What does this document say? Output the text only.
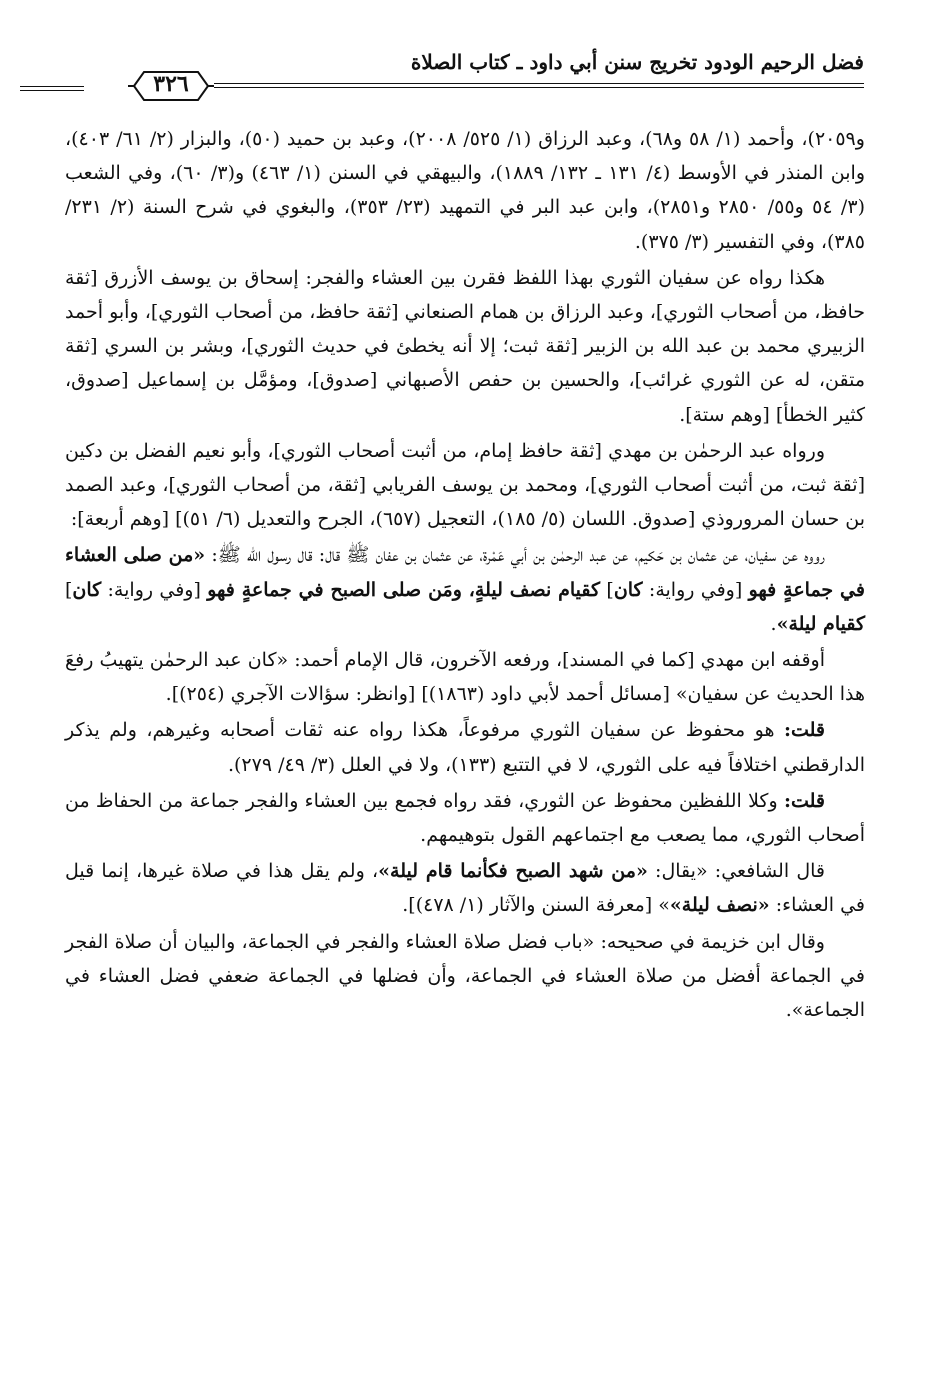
فضل الرحيم الودود تخريج سنن أبي داود ـ كتاب الصلاة
٣٢٦

و٢٠٥٩)، وأحمد (١/ ٥٨ و٦٨)، وعبد الرزاق (١/ ٥٢٥/ ٢٠٠٨)، وعبد بن حميد (٥٠)، والبزار (٢/ ٦١/ ٤٠٣)، وابن المنذر في الأوسط (٤/ ١٣١ ـ ١٣٢/ ١٨٨٩)، والبيهقي في السنن (١/ ٤٦٣) و(٣/ ٦٠)، وفي الشعب (٣/ ٥٤ و٥٥/ ٢٨٥٠ و٢٨٥١)، وابن عبد البر في التمهيد (٢٣/ ٣٥٣)، والبغوي في شرح السنة (٢/ ٢٣١/ ٣٨٥)، وفي التفسير (٣/ ٣٧٥).

هكذا رواه عن سفيان الثوري بهذا اللفظ فقرن بين العشاء والفجر: إسحاق بن يوسف الأزرق [ثقة حافظ، من أصحاب الثوري]، وعبد الرزاق بن همام الصنعاني [ثقة حافظ، من أصحاب الثوري]، وأبو أحمد الزبيري محمد بن عبد الله بن الزبير [ثقة ثبت؛ إلا أنه يخطئ في حديث الثوري]، وبشر بن السري [ثقة متقن، له عن الثوري غرائب]، والحسين بن حفص الأصبهاني [صدوق]، ومؤمَّل بن إسماعيل [صدوق، كثير الخطأ] [وهم ستة].

ورواه عبد الرحمٰن بن مهدي [ثقة حافظ إمام، من أثبت أصحاب الثوري]، وأبو نعيم الفضل بن دكين [ثقة ثبت، من أثبت أصحاب الثوري]، ومحمد بن يوسف الفريابي [ثقة، من أصحاب الثوري]، وعبد الصمد بن حسان المروروذي [صدوق. اللسان (٥/ ١٨٥)، التعجيل (٦٥٧)، الجرح والتعديل (٦/ ٥١)] [وهم أربعة]:

رووه عن سفيان، عن عثمان بن حَكيم، عن عبد الرحمٰن بن أبي عَمْرة، عن عثمان بن عفان ﷺ قال: قال رسول الله ﷺ: «من صلى العشاء في جماعةٍ فهو [وفي رواية: كان] كقيام نصف ليلةٍ، ومَن صلى الصبح في جماعةٍ فهو [وفي رواية: كان] كقيام ليلة».

أوقفه ابن مهدي [كما في المسند]، ورفعه الآخرون، قال الإمام أحمد: «كان عبد الرحمٰن يتهيبُ رفعَ هذا الحديث عن سفيان» [مسائل أحمد لأبي داود (١٨٦٣)] [وانظر: سؤالات الآجري (٢٥٤)].

قلت: هو محفوظ عن سفيان الثوري مرفوعاً، هكذا رواه عنه ثقات أصحابه وغيرهم، ولم يذكر الدارقطني اختلافاً فيه على الثوري، لا في التتبع (١٣٣)، ولا في العلل (٣/ ٤٩/ ٢٧٩).

قلت: وكلا اللفظين محفوظ عن الثوري، فقد رواه فجمع بين العشاء والفجر جماعة من الحفاظ من أصحاب الثوري، مما يصعب مع اجتماعهم القول بتوهيمهم.

قال الشافعي: «يقال: «من شهد الصبح فكأنما قام ليلة»، ولم يقل هذا في صلاة غيرها، إنما قيل في العشاء: «نصف ليلة»» [معرفة السنن والآثار (١/ ٤٧٨)].

وقال ابن خزيمة في صحيحه: «باب فضل صلاة العشاء والفجر في الجماعة، والبيان أن صلاة الفجر في الجماعة أفضل من صلاة العشاء في الجماعة، وأن فضلها في الجماعة ضعفي فضل العشاء في الجماعة».
